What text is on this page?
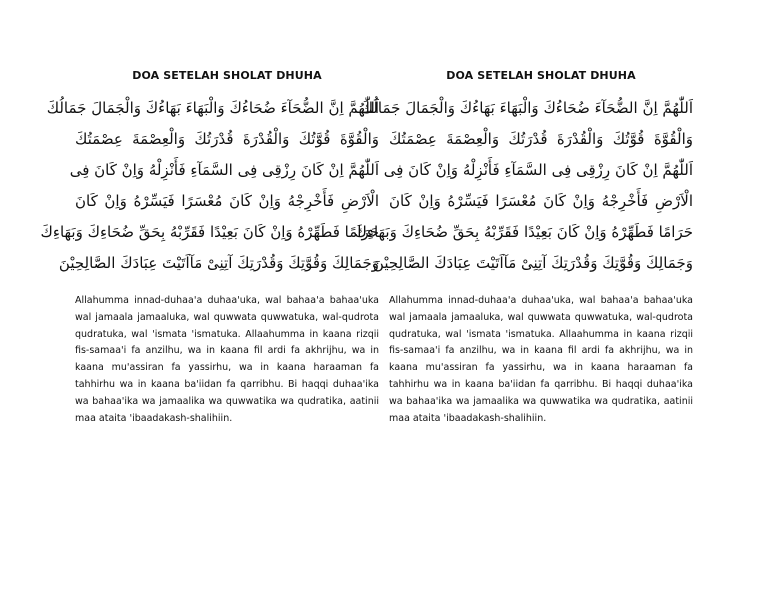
DOA SETELAH SHOLAT DHUHA
اَللّٰهُمَّ اِنَّ الضُّحَآءَ ضُحَاءُكَ وَالْبَهَاءَ بَهَاءُكَ وَالْجَمَالَ جَمَالُكَ
وَالْقُوَّةَ قُوَّتُكَ وَالْقُدْرَةَ قُدْرَتُكَ وَالْعِصْمَةَ عِصْمَتُكَ
اَللّٰهُمَّ اِنْ كَانَ رِزْقِى فِى السَّمَآءِ فَأَنْزِلْهُ وَاِنْ كَانَ فِى
الْاَرْضِ فَأَخْرِجْهُ وَاِنْ كَانَ مُعْسَرًا فَيَسِّرْهُ وَاِنْ كَانَ
حَرَامًا فَطَهِّرْهُ وَاِنْ كَانَ بَعِيْدًا فَقَرِّبْهُ بِحَقِّ ضُحَاءِكَ وَبَهَاءِكَ
وَجَمَالِكَ وَقُوَّتِكَ وَقُدْرَتِكَ آتِنِىْ مَآاَتَيْتَ عِبَادَكَ الصَّالِحِيْنَ

Allahumma innad-duhaa'a duhaa'uka, wal bahaa'a bahaa'uka wal jamaala jamaaluka, wal quwwata quwwatuka, wal-qudrota qudratuka, wal 'ismata 'ismatuka. Allaahumma in kaana rizqii fis-samaa'i fa anzilhu, wa in kaana fil ardi fa akhrijhu, wa in kaana mu'assiran fa yassirhu, wa in kaana haraaman fa tahhirhu wa in kaana ba'iidan fa qarribhu. Bi haqqi duhaa'ika wa bahaa'ika wa jamaalika wa quwwatika wa qudratika, aatinii maa ataita 'ibaadakash-shalihiin.

DOA SETELAH SHOLAT DHUHA
اَللّٰهُمَّ اِنَّ الضُّحَآءَ ضُحَاءُكَ وَالْبَهَاءَ بَهَاءُكَ وَالْجَمَالَ جَمَالُكَ
وَالْقُوَّةَ قُوَّتُكَ وَالْقُدْرَةَ قُدْرَتُكَ وَالْعِصْمَةَ عِصْمَتُكَ
اَللّٰهُمَّ اِنْ كَانَ رِزْقِى فِى السَّمَآءِ فَأَنْزِلْهُ وَاِنْ كَانَ فِى
الْاَرْضِ فَأَخْرِجْهُ وَاِنْ كَانَ مُعْسَرًا فَيَسِّرْهُ وَاِنْ كَانَ
حَرَامًا فَطَهِّرْهُ وَاِنْ كَانَ بَعِيْدًا فَقَرِّبْهُ بِحَقِّ ضُحَاءِكَ وَبَهَاءِكَ
وَجَمَالِكَ وَقُوَّتِكَ وَقُدْرَتِكَ آتِنِىْ مَآاَتَيْتَ عِبَادَكَ الصَّالِحِيْنَ

Allahumma innad-duhaa'a duhaa'uka, wal bahaa'a bahaa'uka wal jamaala jamaaluka, wal quwwata quwwatuka, wal-qudrota qudratuka, wal 'ismata 'ismatuka. Allaahumma in kaana rizqii fis-samaa'i fa anzilhu, wa in kaana fil ardi fa akhrijhu, wa in kaana mu'assiran fa yassirhu, wa in kaana haraaman fa tahhirhu wa in kaana ba'iidan fa qarribhu. Bi haqqi duhaa'ika wa bahaa'ika wa jamaalika wa quwwatika wa qudratika, aatinii maa ataita 'ibaadakash-shalihiin.
